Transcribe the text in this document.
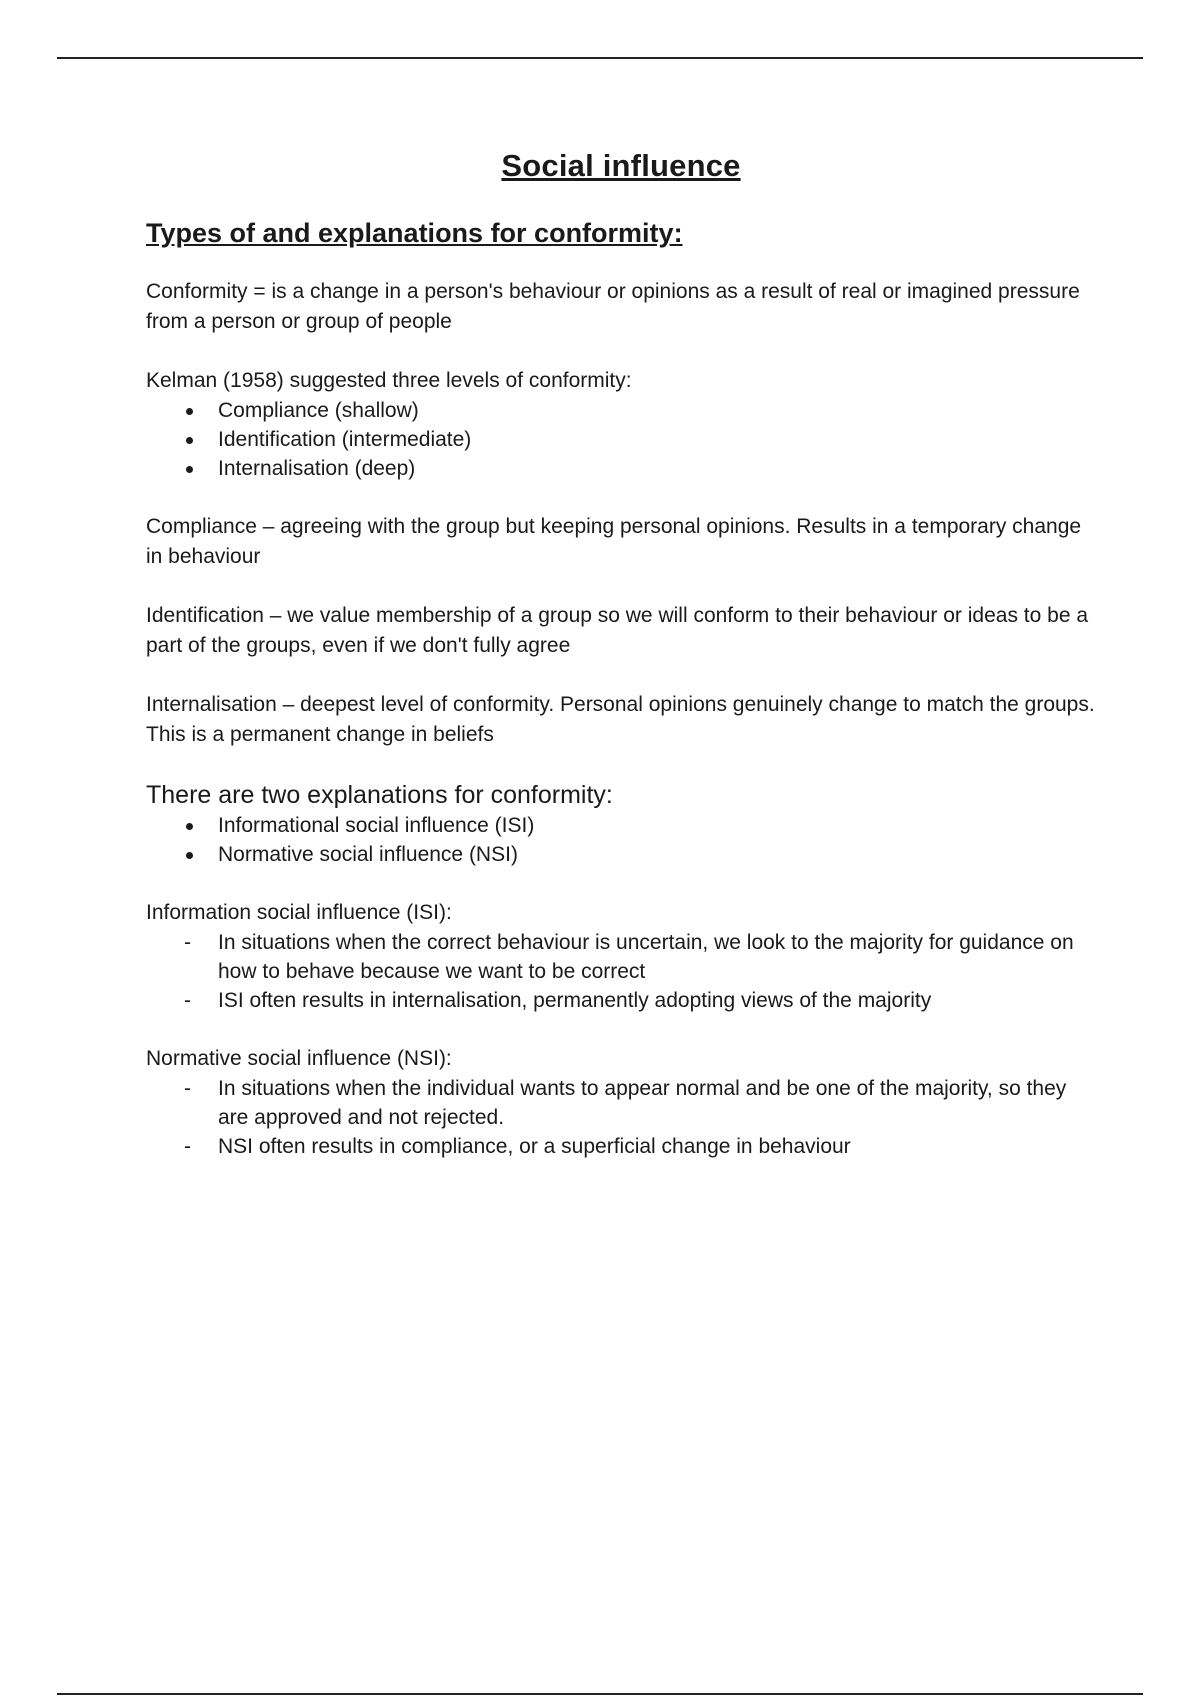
Social influence
Types of and explanations for conformity:

Conformity = is a change in a person's behaviour or opinions as a result of real or imagined pressure from a person or group of people

Kelman (1958) suggested three levels of conformity:

Compliance (shallow)
Identification (intermediate)
Internalisation (deep)

Compliance – agreeing with the group but keeping personal opinions. Results in a temporary change in behaviour

Identification – we value membership of a group so we will conform to their behaviour or ideas to be a part of the groups, even if we don't fully agree

Internalisation – deepest level of conformity. Personal opinions genuinely change to match the groups. This is a permanent change in beliefs

There are two explanations for conformity:

Informational social influence (ISI)
Normative social influence (NSI)

Information social influence (ISI):

- In situations when the correct behaviour is uncertain, we look to the majority for guidance on how to behave because we want to be correct
- ISI often results in internalisation, permanently adopting views of the majority

Normative social influence (NSI):

- In situations when the individual wants to appear normal and be one of the majority, so they are approved and not rejected.
- NSI often results in compliance, or a superficial change in behaviour
